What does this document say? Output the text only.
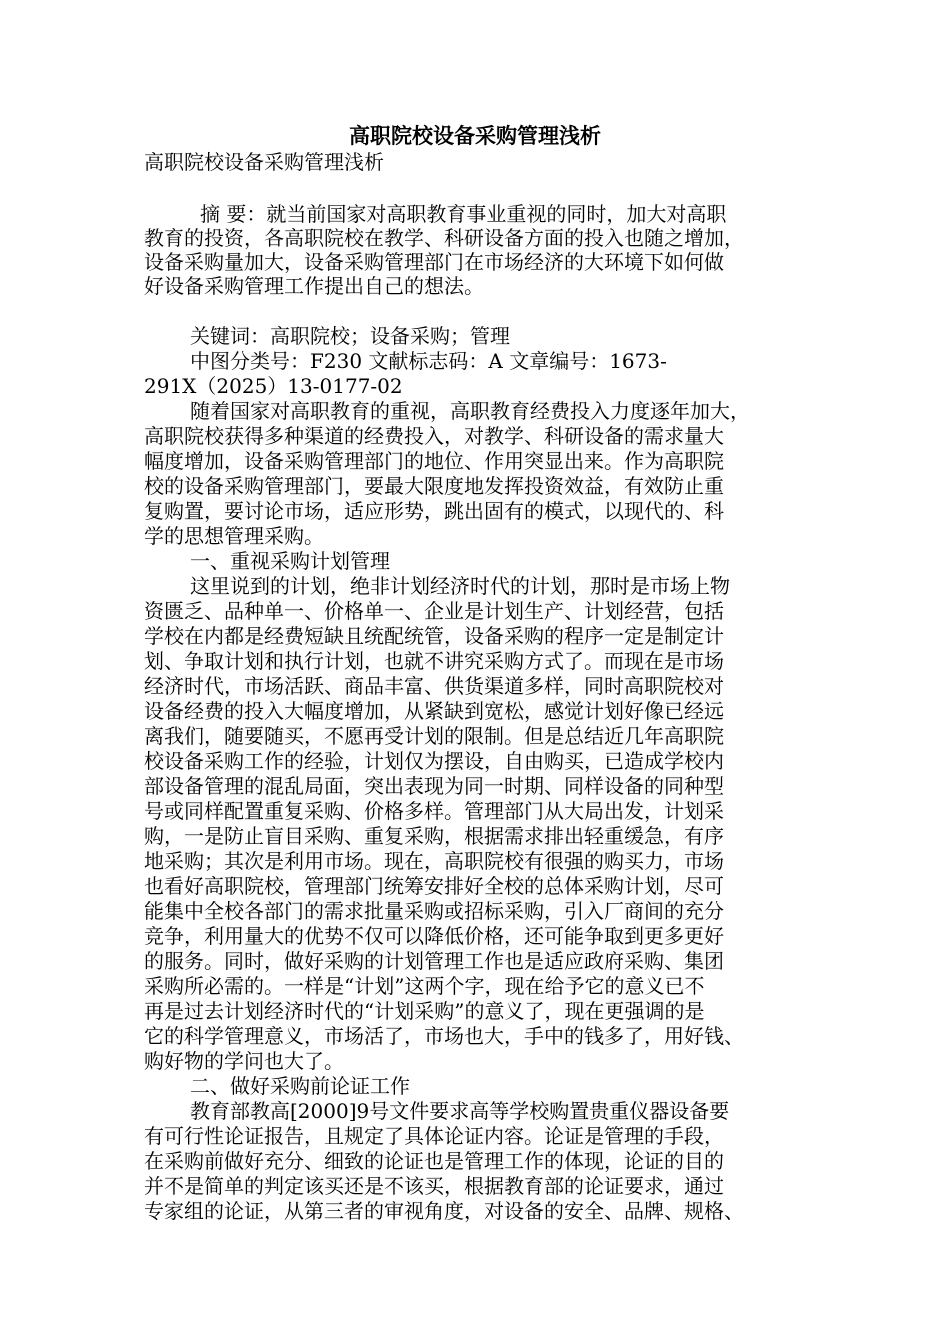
高职院校设备采购管理浅析

高职院校设备采购管理浅析

摘 要：就当前国家对高职教育事业重视的同时，加大对高职

教育的投资，各高职院校在教学、科研设备方面的投入也随之增加，

设备采购量加大，设备采购管理部门在市场经济的大环境下如何做

好设备采购管理工作提出自己的想法。

关键词：高职院校；设备采购；管理

中图分类号：F230 文献标志码：A 文章编号：1673-

291X（2025）13-0177-02

随着国家对高职教育的重视，高职教育经费投入力度逐年加大，

高职院校获得多种渠道的经费投入，对教学、科研设备的需求量大

幅度增加，设备采购管理部门的地位、作用突显出来。作为高职院

校的设备采购管理部门，要最大限度地发挥投资效益，有效防止重

复购置，要讨论市场，适应形势，跳出固有的模式，以现代的、科

学的思想管理采购。

一、重视采购计划管理

这里说到的计划，绝非计划经济时代的计划，那时是市场上物

资匮乏、品种单一、价格单一、企业是计划生产、计划经营，包括

学校在内都是经费短缺且统配统管，设备采购的程序一定是制定计

划、争取计划和执行计划，也就不讲究采购方式了。而现在是市场

经济时代，市场活跃、商品丰富、供货渠道多样，同时高职院校对

设备经费的投入大幅度增加，从紧缺到宽松，感觉计划好像已经远

离我们，随要随买，不愿再受计划的限制。但是总结近几年高职院

校设备采购工作的经验，计划仅为摆设，自由购买，已造成学校内

部设备管理的混乱局面，突出表现为同一时期、同样设备的同种型

号或同样配置重复采购、价格多样。管理部门从大局出发，计划采

购，一是防止盲目采购、重复采购，根据需求排出轻重缓急，有序

地采购；其次是利用市场。现在，高职院校有很强的购买力，市场

也看好高职院校，管理部门统筹安排好全校的总体采购计划，尽可

能集中全校各部门的需求批量采购或招标采购，引入厂商间的充分

竞争，利用量大的优势不仅可以降低价格，还可能争取到更多更好

的服务。同时，做好采购的计划管理工作也是适应政府采购、集团

采购所必需的。一样是“计划”这两个字，现在给予它的意义已不

再是过去计划经济时代的“计划采购”的意义了，现在更强调的是

它的科学管理意义，市场活了，市场也大，手中的钱多了，用好钱、

购好物的学问也大了。

二、做好采购前论证工作

教育部教高[2000]9号文件要求高等学校购置贵重仪器设备要

有可行性论证报告，且规定了具体论证内容。论证是管理的手段，

在采购前做好充分、细致的论证也是管理工作的体现，论证的目的

并不是简单的判定该买还是不该买，根据教育部的论证要求，通过

专家组的论证，从第三者的审视角度，对设备的安全、品牌、规格、
